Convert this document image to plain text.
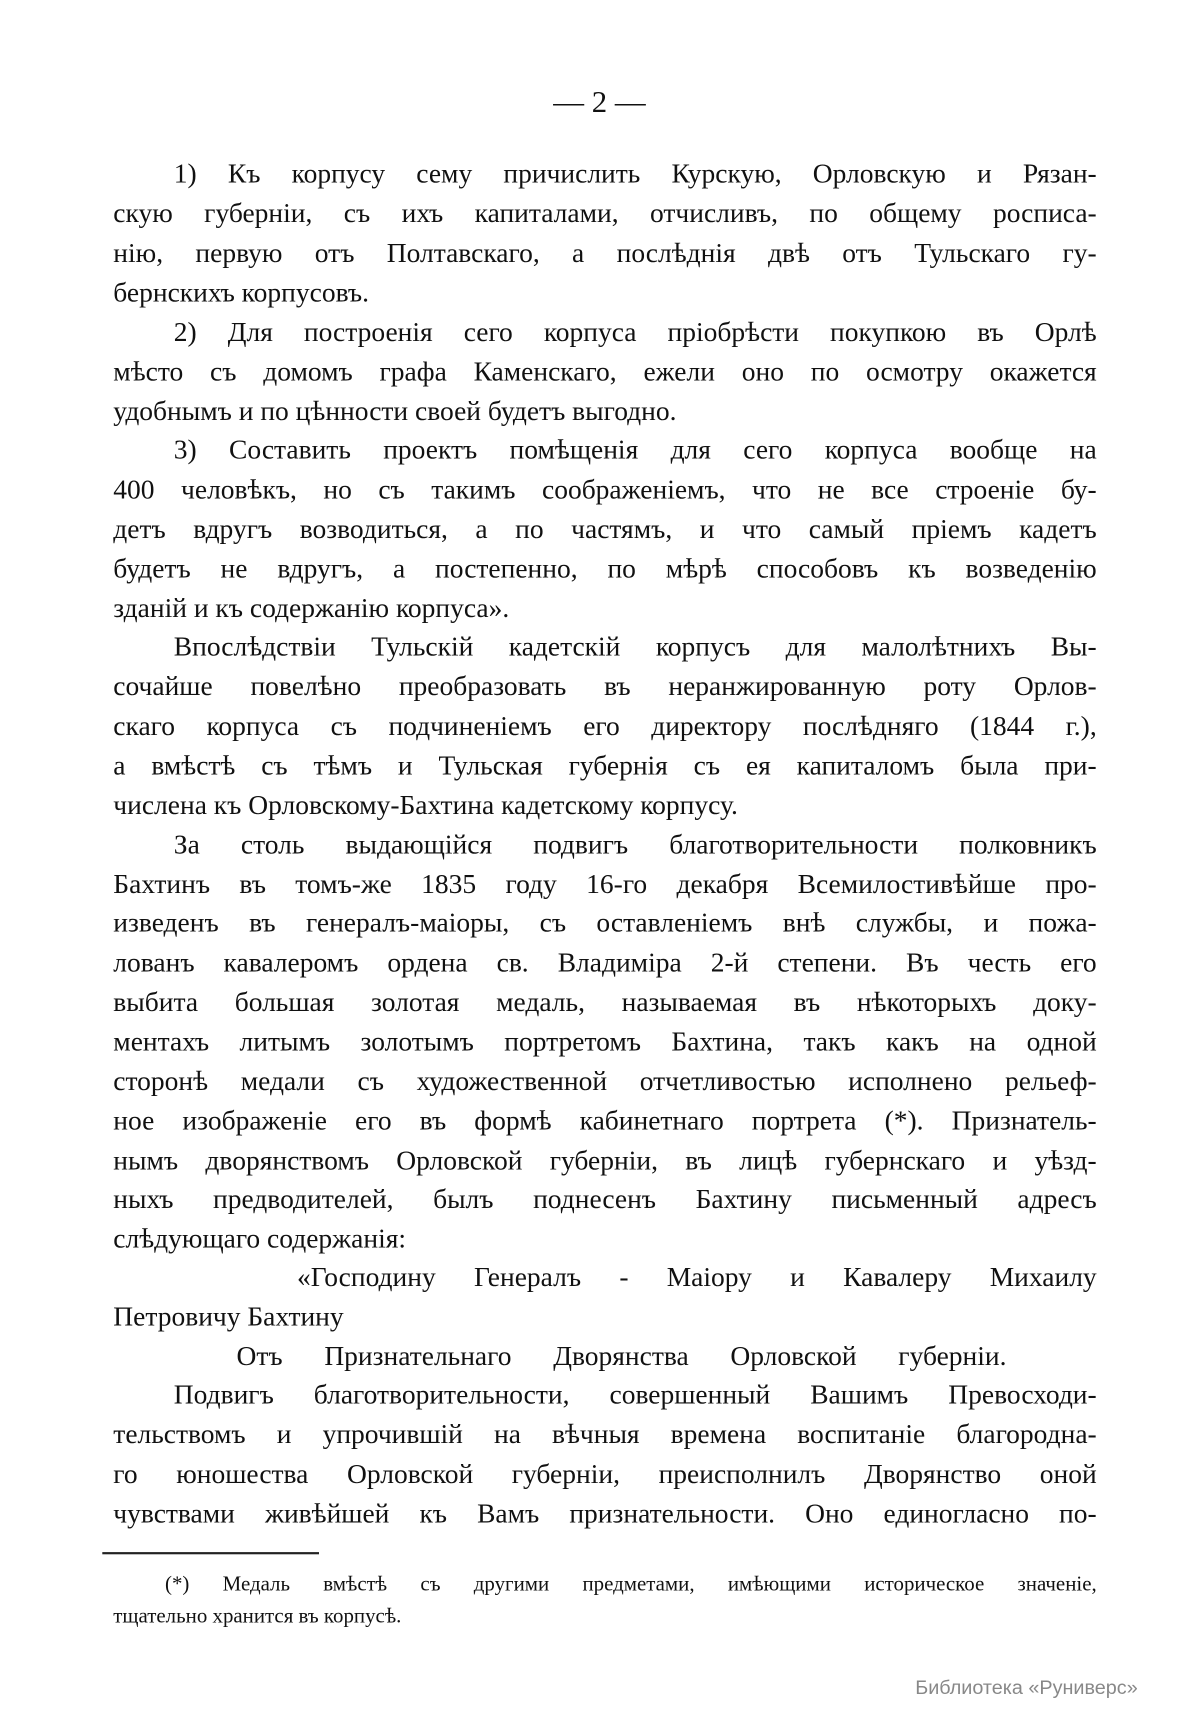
— 2 —
1) Къ корпусу сему причислить Курскую, Орловскую и Рязан-
скую губерніи, съ ихъ капиталами, отчисливъ, по общему росписа-
нію, первую отъ Полтавскаго, а послѣднія двѣ отъ Тульскаго гу-
бернскихъ корпусовъ.
2) Для построенія сего корпуса пріобрѣсти покупкою въ Орлѣ
мѣсто съ домомъ графа Каменскаго, ежели оно по осмотру окажется
удобнымъ и по цѣнности своей будетъ выгодно.
3) Составить проектъ помѣщенія для сего корпуса вообще на
400 человѣкъ, но съ такимъ соображеніемъ, что не все строеніе бу-
детъ вдругъ возводиться, а по частямъ, и что самый пріемъ кадетъ
будетъ не вдругъ, а постепенно, по мѣрѣ способовъ къ возведенію
зданій и къ содержанію корпуса».
Впослѣдствіи Тульскій кадетскій корпусъ для малолѣтнихъ Вы-
сочайше повелѣно преобразовать въ неранжированную роту Орлов-
скаго корпуса съ подчиненіемъ его директору послѣдняго (1844 г.),
а вмѣстѣ съ тѣмъ и Тульская губернія съ ея капиталомъ была при-
числена къ Орловскому-Бахтина кадетскому корпусу.
За столь выдающійся подвигъ благотворительности полковникъ
Бахтинъ въ томъ-же 1835 году 16-го декабря Всемилостивѣйше про-
изведенъ въ генералъ-маіоры, съ оставленіемъ внѣ службы, и пожа-
лованъ кавалеромъ ордена св. Владиміра 2-й степени. Въ честь его
выбита большая золотая медаль, называемая въ нѣкоторыхъ доку-
ментахъ литымъ золотымъ портретомъ Бахтина, такъ какъ на одной
сторонѣ медали съ художественной отчетливостью исполнено рельеф-
ное изображеніе его въ формѣ кабинетнаго портрета (*). Признатель-
нымъ дворянствомъ Орловской губерніи, въ лицѣ губернскаго и уѣзд-
ныхъ предводителей, былъ поднесенъ Бахтину письменный адресъ
слѣдующаго содержанія:
«Господину Генералъ - Маіору и Кавалеру Михаилу
Петровичу Бахтину
Отъ Признательнаго Дворянства Орловской губерніи.
Подвигъ благотворительности, совершенный Вашимъ Превосходи-
тельствомъ и упрочившій на вѣчныя времена воспитаніе благородна-
го юношества Орловской губерніи, преисполнилъ Дворянство оной
чувствами живѣйшей къ Вамъ признательности. Оно единогласно по-
(*) Медаль вмѣстѣ съ другими предметами, имѣющими историческое значеніе,
тщательно хранится въ корпусѣ.
Библиотека «Руниверс»
